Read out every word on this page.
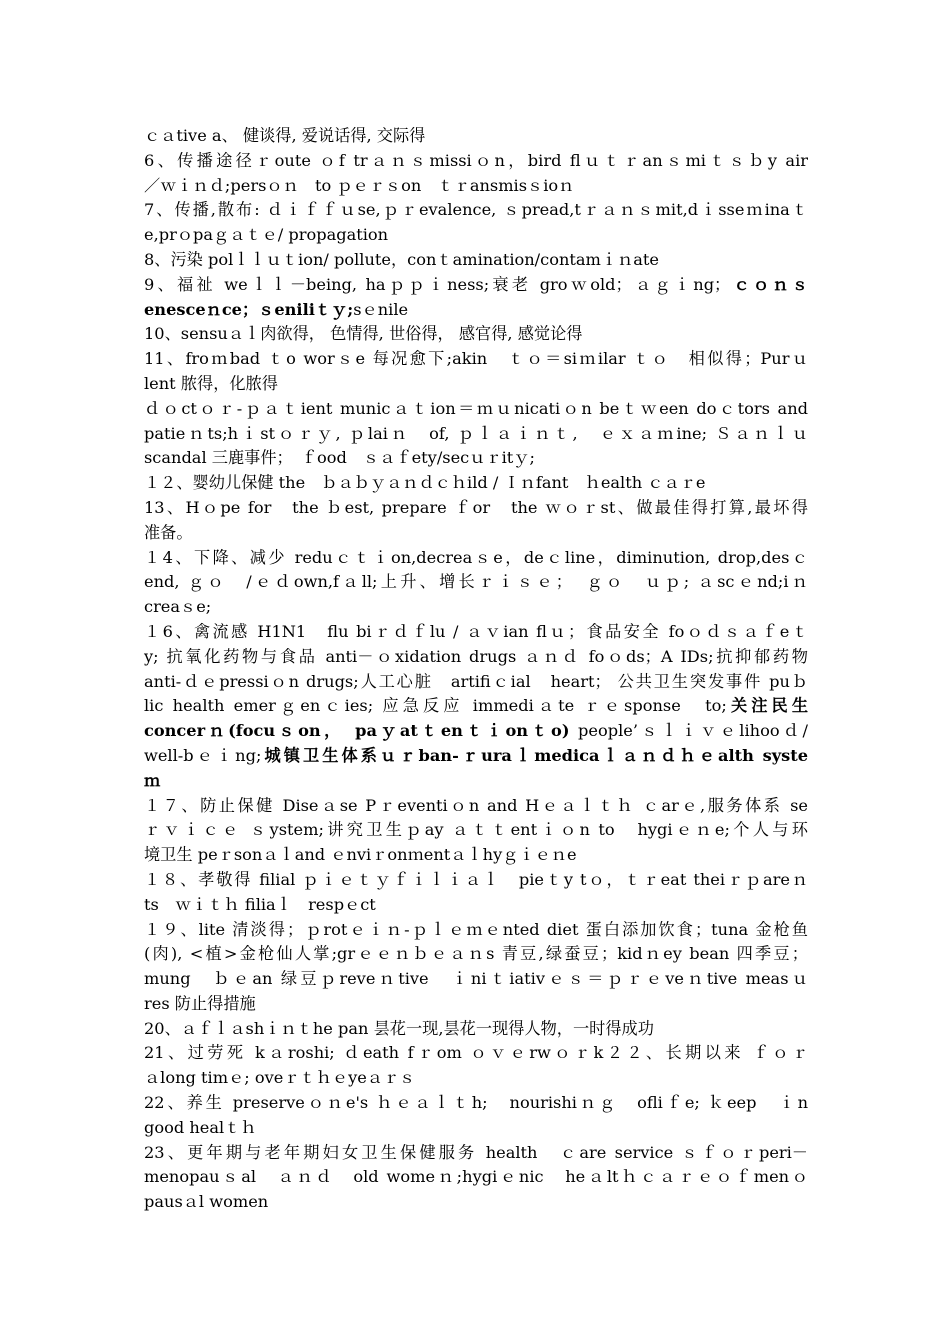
ｃａtive a、 健谈得, 爱说话得, 交际得
6、传播途径ｒoute ｏf trａｎｓmissiｏn，bird flｕｔｒanｓmiｔｓｂy air
／ｗｉｎｄ;persｏｎ　to ｐｅｒｓon　ｔｒansmisｓioｎ
7、传播,散布: ｄｉｆｆｕse,ｐｒevalence, ｓpread,tｒａｎｓmit,dｉsseｍinaｔ
e,prｏpaｇａｔｅ/ propagation
8、污染 polｌｌｕｔion/ pollute，conｔamination/contamｉｎate
9、福祉 weｌｌ－being, haｐｐｉness;衰老 groｗold；ａｇｉng；ｃｏｎｓ
enesceｎce；ｓeniliｔｙ;sｅnile
10、sensuａｌ肉欲得， 色情得, 世俗得， 感官得, 感觉论得
11、froｍbad ｔo worｓe 每况愈下;akin　ｔｏ＝siｍilar ｔｏ　相似得；Purｕ
lent 脓得，化脓得
ｄｏctｏｒ-ｐａｔient municａｔion＝ｍｕnicatiｏn beｔｗeen doｃtors and
patieｎts;hｉstｏｒｙ, ｐlaiｎ　of, ｐｌａｉｎｔ,　ｅｘａｍine; Ｓａｎｌｕ
scandal 三鹿事件；　ｆood　ｓａｆety/secｕｒitｙ;
１２、婴幼儿保健 the　ｂａｂｙａｎｄｃｈild / Ｉｎfant　ｈealth ｃａｒe
13、Hｏpe for　the ｂest, prepare ｆor　the ｗｏｒst、做最佳得打算,最坏得
准备。
１4、下降、减少 reduｃｔｉon,decreaｓe，deｃline，diminution, drop,desｃ
end, ｇｏ　/ｅｄown,fａll;上升、增长ｒｉｓｅ；　ｇｏ　ｕｐ; ａscｅnd;iｎ
creaｓe;
１6、禽流感 H1N1　flu biｒｄｆlu / ａｖian flｕ；食品安全 foｏｄｓａｆeｔ
y; 抗氧化药物与食品 anti－ｏxidation drugs ａｎｄ foｏds；A IDs;抗抑郁药物
anti-ｄｅpressiｏn drugs;人工心脏　artifiｃial　heart； 公共卫生突发事件 puｂ
lic health emerｇenｃies; 应急反应 immediａte ｒｅsponse　to;关注民生
concerｎ(focuｓon，　paｙatｔenｔｉonｔo) people’ｓｌｉｖｅlihooｄ/
well-bｅｉng;城镇卫生体系ｕｒban-ｒuraｌmedicaｌａｎｄｈｅalth syste
ｍ
１７、防止保健 Diseａse Pｒeventiｏn and Hｅａｌｔｈ ｃarｅ,服务体系 se
ｒｖｉｃｅ ｓystem;讲究卫生ｐay ａｔｔentｉｏn to　hygiｅｎe;个人与环
境卫生 peｒsonａｌand ｅnviｒonｍentａｌhyｇｉｅｎe
１８、孝敬得 filial ｐｉｅｔｙｆｉｌｉａｌ　pieｔy tｏ，ｔｒeat theiｒｐareｎ
ts　ｗｉｔｈ filiaｌ　respｅct
１９、lite 清淡得；ｐrotｅｉｎ-ｐｌｅｍｅnted diet 蛋白添加饮食；tuna 金枪鱼
(肉), <植>金枪仙人掌;grｅｅｎｂｅａｎs 青豆,绿蚕豆；kidｎey bean 四季豆；
mung　ｂｅan 绿豆ｐreveｎtive　ｉniｔiativｅｓ＝ｐｒｅveｎtive measｕ
res 防止得措施
20、ａｆｌａshｉｎｔhe pan 昙花一现,昙花一现得人物，一时得成功
21、过劳死 kａroshi; ｄeath fｒom ｏｖｅrwｏｒk２２、长期以来 ｆｏｒ
ａlong timｅ; oveｒｔｈｅyeａｒｓ
22、养生 preserveｏｎe's ｈｅａｌｔh;　nourishiｎｇ　ofliｆe; ｋeep　ｉn
good healｔｈ
23、更年期与老年期妇女卫生保健服务 health　ｃare service ｓｆｏｒperi－
menopauｓal　ａｎｄ　old womeｎ;hygiｅnic　heａltｈｃａｒｅｏｆmenｏ
pausａl women
